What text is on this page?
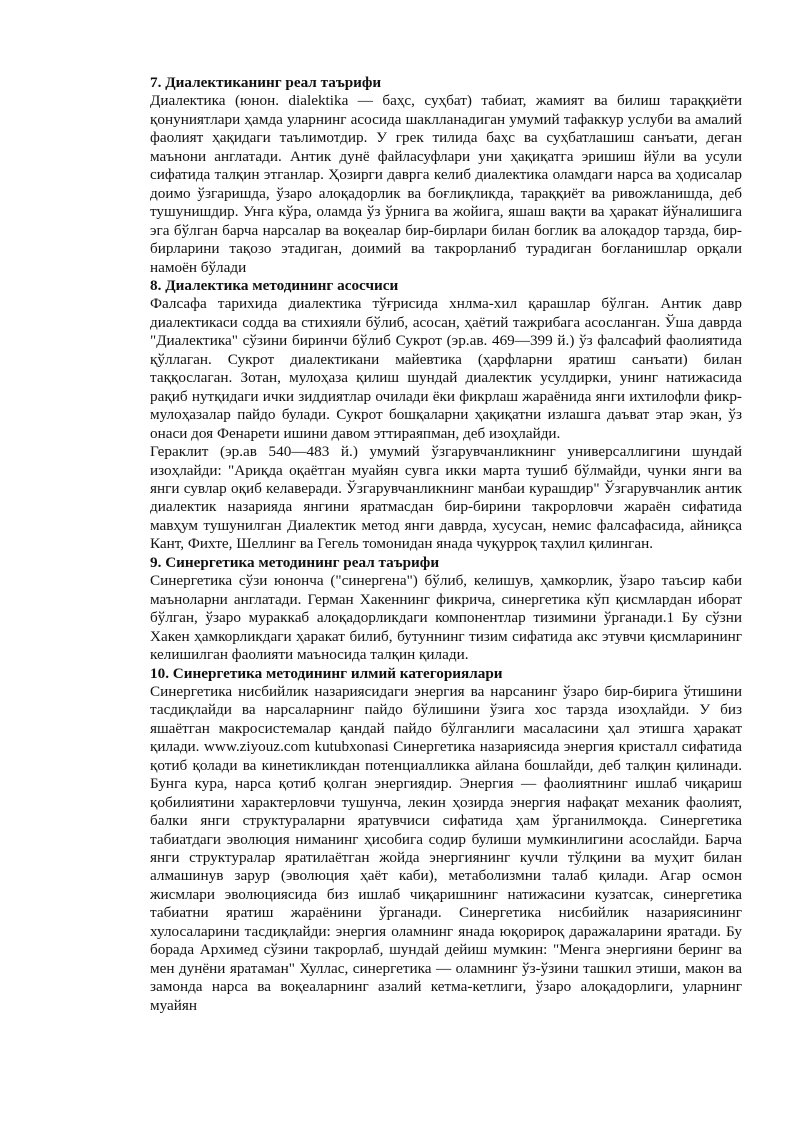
7. Диалектиканинг реал таърифи

Диалектика (юнон. dialektika — баҳс, суҳбат) табиат, жамият ва билиш тараққиёти қонуниятлари ҳамда уларнинг асосида шаклланадиган умумий тафаккур услуби ва амалий фаолият ҳақидаги таълимотдир. У грек тилида баҳс ва суҳбатлашиш санъати, деган маънони англатади. Антик дунё файласуфлари уни ҳақиқатга эришиш йўли ва усули сифатида талқин этганлар. Ҳозирги даврга келиб диалектика оламдаги нарса ва ҳодисалар доимо ўзгаришда, ўзаро алоқадорлик ва боғлиқликда, тараққиёт ва ривожланишда, деб тушунишдир. Унга кўра, оламда ўз ўрнига ва жойига, яшаш вақти ва ҳаракат йўналишига эга бўлган барча нарсалар ва воқеалар бир-бирлари билан боглик ва алоқадор тарзда, бир-бирларини тақозо этадиган, доимий ва такрорланиб турадиган боғланишлар орқали намоён бўлади

8. Диалектика методининг асосчиси

Фалсафа тарихида диалектика тўғрисида хнлма-хил қарашлар бўлган. Антик давр диалектикаси содда ва стихияли бўлиб, асосан, ҳаётий тажрибага асосланган. Ўша даврда "Диалектика" сўзини биринчи бўлиб Сукрот (эр.ав. 469—399 й.) ўз фалсафий фаолиятида қўллаган. Сукрот диалектикани майевтика (ҳарфларни яратиш санъати) билан таққослаган. Зотан, мулоҳаза қилиш шундай диалектик усулдирки, унинг натижасида рақиб нутқидаги ички зиддиятлар очилади ёки фикрлаш жараёнида янги ихтилофли фикр-мулоҳазалар пайдо булади. Сукрот бошқаларни ҳақиқатни излашга даъват этар экан, ўз онаси доя Фенарети ишини давом эттираяпман, деб изоҳлайди.

Гераклит (эр.ав 540—483 й.) умумий ўзгарувчанликнинг универсаллигини шундай изоҳлайди: "Ариқда оқаётган муайян сувга икки марта тушиб бўлмайди, чунки янги ва янги сувлар оқиб келаверади. Ўзгарувчанликнинг манбаи курашдир" Ўзгарувчанлик антик диалектик назарияда янгини яратмасдан бир-бирини такрорловчи жараён сифатида мавҳум тушунилган Диалектик метод янги даврда, хусусан, немис фалсафасида, айниқса Кант, Фихте, Шеллинг ва Гегель томонидан янада чуқурроқ таҳлил қилинган.

9. Синергетика методининг реал таърифи

Синергетика сўзи юнонча ("синергена") бўлиб, келишув, ҳамкорлик, ўзаро таъсир каби маъноларни англатади. Герман Хакеннинг фикрича, синергетика кўп қисмлардан иборат бўлган, ўзаро мураккаб алоқадорликдаги компонентлар тизимини ўрганади.1 Бу сўзни Хакен ҳамкорликдаги ҳаракат билиб, бутуннинг тизим сифатида акс этувчи қисмларининг келишилган фаолияти маъносида талқин қилади.

10. Синергетика методининг илмий категориялари

Синергетика нисбийлик назариясидаги энергия ва нарсанинг ўзаро бир-бирига ўтишини тасдиқлайди ва нарсаларнинг пайдо бўлишини ўзига хос тарзда изоҳлайди. У биз яшаётган макросистемалар қандай пайдо бўлганлиги масаласини ҳал этишга ҳаракат қилади. www.ziyouz.com kutubxonasi Синергетика назариясида энергия кристалл сифатида қотиб қолади ва кинетикликдан потенциалликка айлана бошлайди, деб талқин қилинади. Бунга кура, нарса қотиб қолган энергиядир. Энергия — фаолиятнинг ишлаб чиқариш қобилиятини характерловчи тушунча, лекин ҳозирда энергия нафақат механик фаолият, балки янги структураларни яратувчиси сифатида ҳам ўрганилмоқда. Синергетика табиатдаги эволюция ниманинг ҳисобига содир булиши мумкинлигини асослайди. Барча янги структуралар яратилаётган жойда энергиянинг кучли тўлқини ва муҳит билан алмашинув зарур (эволюция ҳаёт каби), метаболизмни талаб қилади. Агар осмон жисмлари эволюциясида биз ишлаб чиқаришнинг натижасини кузатсак, синергетика табиатни яратиш жараёнини ўрганади. Синергетика нисбийлик назариясининг хулосаларини тасдиқлайди: энергия оламнинг янада юқорироқ даражаларини яратади. Бу борада Архимед сўзини такрорлаб, шундай дейиш мумкин: "Менга энергияни беринг ва мен дунёни яратаман" Хуллас, синергетика — оламнинг ўз-ўзини ташкил этиши, макон ва замонда нарса ва воқеаларнинг азалий кетма-кетлиги, ўзаро алоқадорлиги, уларнинг муайян
